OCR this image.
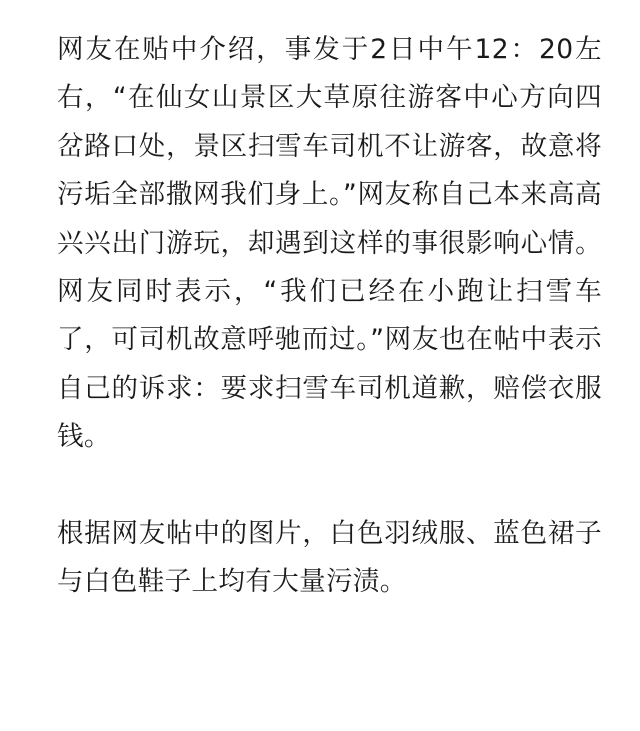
网友在贴中介绍，事发于2日中午12：20左右，“在仙女山景区大草原往游客中心方向四岔路口处，景区扫雪车司机不让游客，故意将污垢全部撒网我们身上。”网友称自己本来高高兴兴出门游玩，却遇到这样的事很影响心情。网友同时表示，“我们已经在小跑让扫雪车了，可司机故意呼驰而过。”网友也在帖中表示自己的诉求：要求扫雪车司机道歉，赔偿衣服钱。

根据网友帖中的图片，白色羽绒服、蓝色裙子与白色鞋子上均有大量污渍。
